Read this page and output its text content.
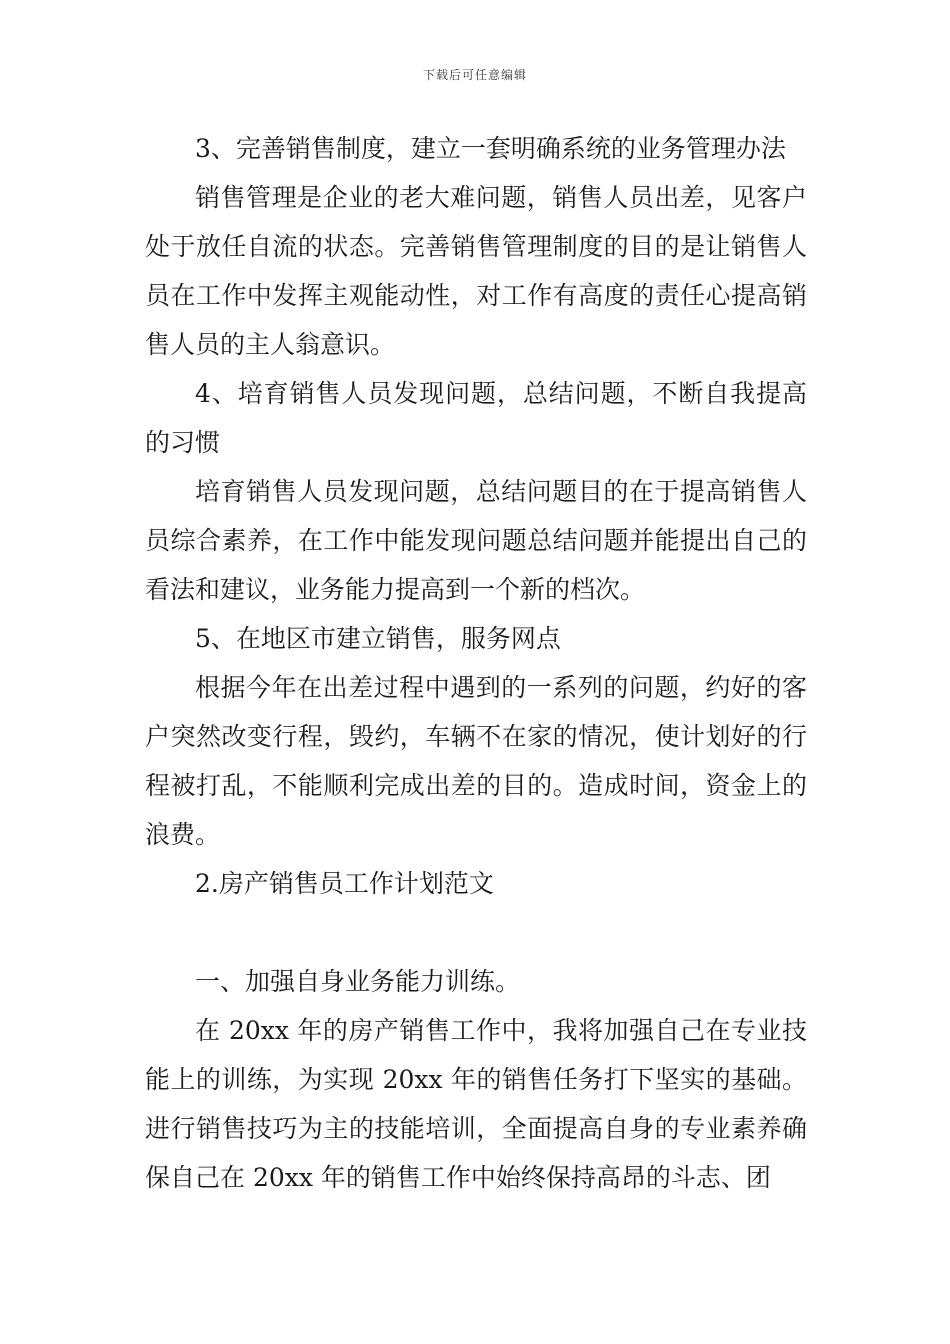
下载后可任意编辑

3、完善销售制度，建立一套明确系统的业务管理办法

销售管理是企业的老大难问题，销售人员出差，见客户处于放任自流的状态。完善销售管理制度的目的是让销售人员在工作中发挥主观能动性，对工作有高度的责任心提高销售人员的主人翁意识。

4、培育销售人员发现问题，总结问题，不断自我提高的习惯

培育销售人员发现问题，总结问题目的在于提高销售人员综合素养，在工作中能发现问题总结问题并能提出自己的看法和建议，业务能力提高到一个新的档次。

5、在地区市建立销售，服务网点

根据今年在出差过程中遇到的一系列的问题，约好的客户突然改变行程，毁约，车辆不在家的情况，使计划好的行程被打乱，不能顺利完成出差的目的。造成时间，资金上的浪费。

2.房产销售员工作计划范文

一、加强自身业务能力训练。

在 20xx 年的房产销售工作中，我将加强自己在专业技能上的训练，为实现 20xx 年的销售任务打下坚实的基础。进行销售技巧为主的技能培训，全面提高自身的专业素养确保自己在 20xx 年的销售工作中始终保持高昂的斗志、团
